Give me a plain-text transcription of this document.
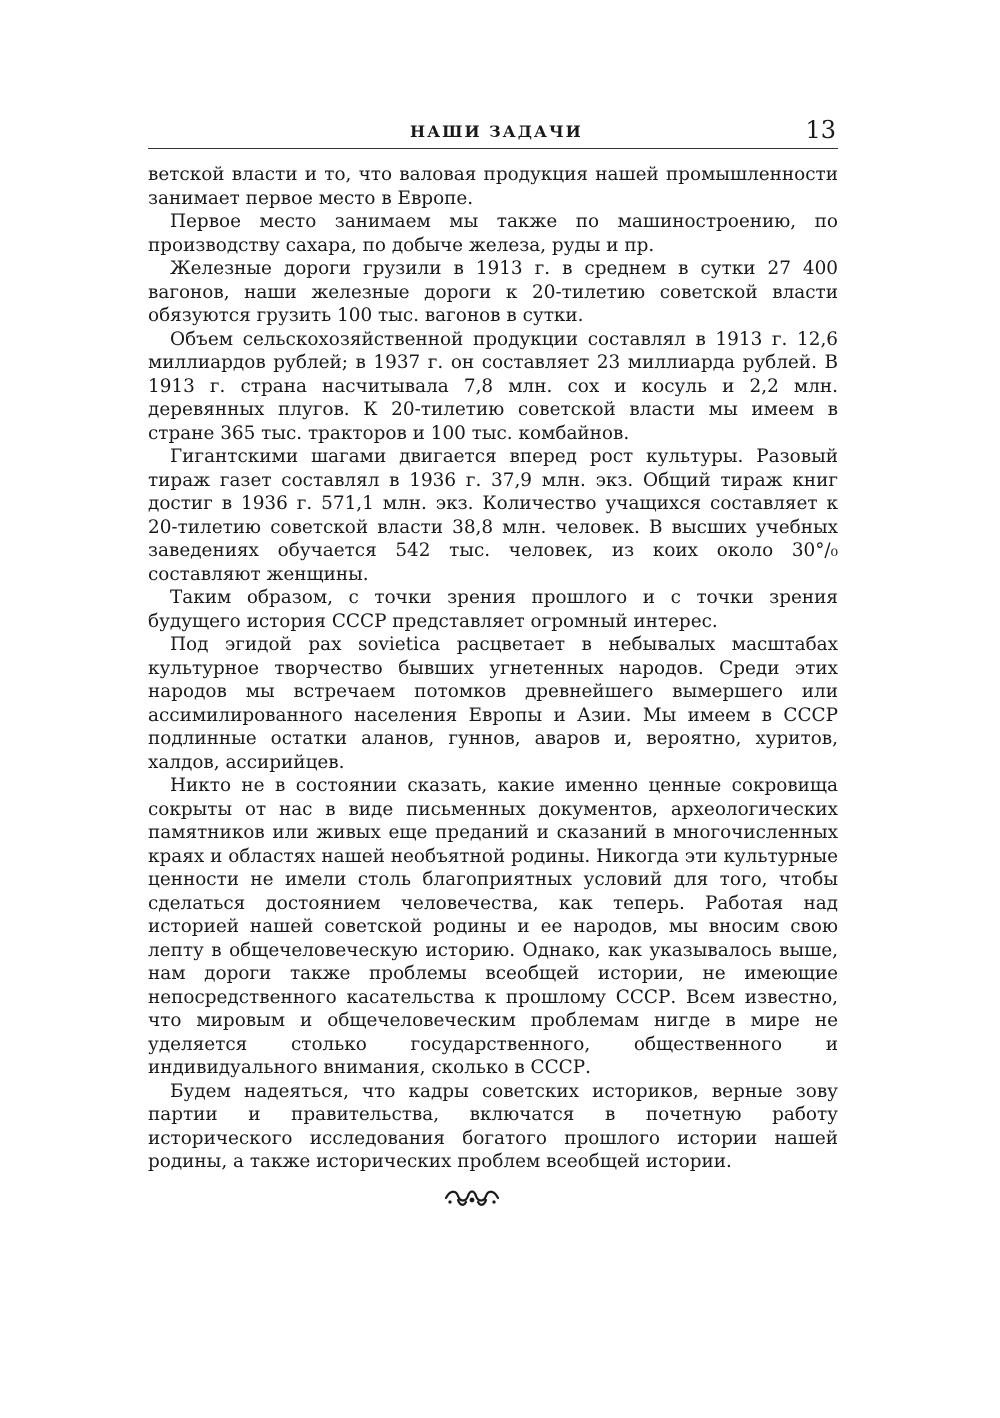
НАШИ ЗАДАЧИ	13

ветской власти и то, что валовая продукция нашей промышленности занимает первое место в Европе.

Первое место занимаем мы также по машиностроению, по производству сахара, по добыче железа, руды и пр.

Железные дороги грузили в 1913 г. в среднем в сутки 27 400 вагонов, наши железные дороги к 20-тилетию советской власти обязуются грузить 100 тыс. вагонов в сутки.

Объем сельскохозяйственной продукции составлял в 1913 г. 12,6 миллиардов рублей; в 1937 г. он составляет 23 миллиарда рублей. В 1913 г. страна насчитывала 7,8 млн. сох и косуль и 2,2 млн. деревянных плугов. К 20-тилетию советской власти мы имеем в стране 365 тыс. тракторов и 100 тыс. комбайнов.

Гигантскими шагами двигается вперед рост культуры. Разовый тираж газет составлял в 1936 г. 37,9 млн. экз. Общий тираж книг достиг в 1936 г. 571,1 млн. экз. Количество учащихся составляет к 20-тилетию советской власти 38,8 млн. человек. В высших учебных заведениях обучается 542 тыс. человек, из коих около 30°/₀ составляют женщины.

Таким образом, с точки зрения прошлого и с точки зрения будущего история СССР представляет огромный интерес.

Под эгидой pax sovietica расцветает в небывалых масштабах культурное творчество бывших угнетенных народов. Среди этих народов мы встречаем потомков древнейшего вымершего или ассимилированного населения Европы и Азии. Мы имеем в СССР подлинные остатки аланов, гуннов, аваров и, вероятно, хуритов, халдов, ассирийцев.

Никто не в состоянии сказать, какие именно ценные сокровища сокрыты от нас в виде письменных документов, археологических памятников или живых еще преданий и сказаний в многочисленных краях и областях нашей необъятной родины. Никогда эти культурные ценности не имели столь благоприятных условий для того, чтобы сделаться достоянием человечества, как теперь. Работая над историей нашей советской родины и ее народов, мы вносим свою лепту в общечеловеческую историю. Однако, как указывалось выше, нам дороги также проблемы всеобщей истории, не имеющие непосредственного касательства к прошлому СССР. Всем известно, что мировым и общечеловеческим проблемам нигде в мире не уделяется столько государственного, общественного и индивидуального внимания, сколько в СССР.

Будем надеяться, что кадры советских историков, верные зову партии и правительства, включатся в почетную работу исторического исследования богатого прошлого истории нашей родины, а также исторических проблем всеобщей истории.
